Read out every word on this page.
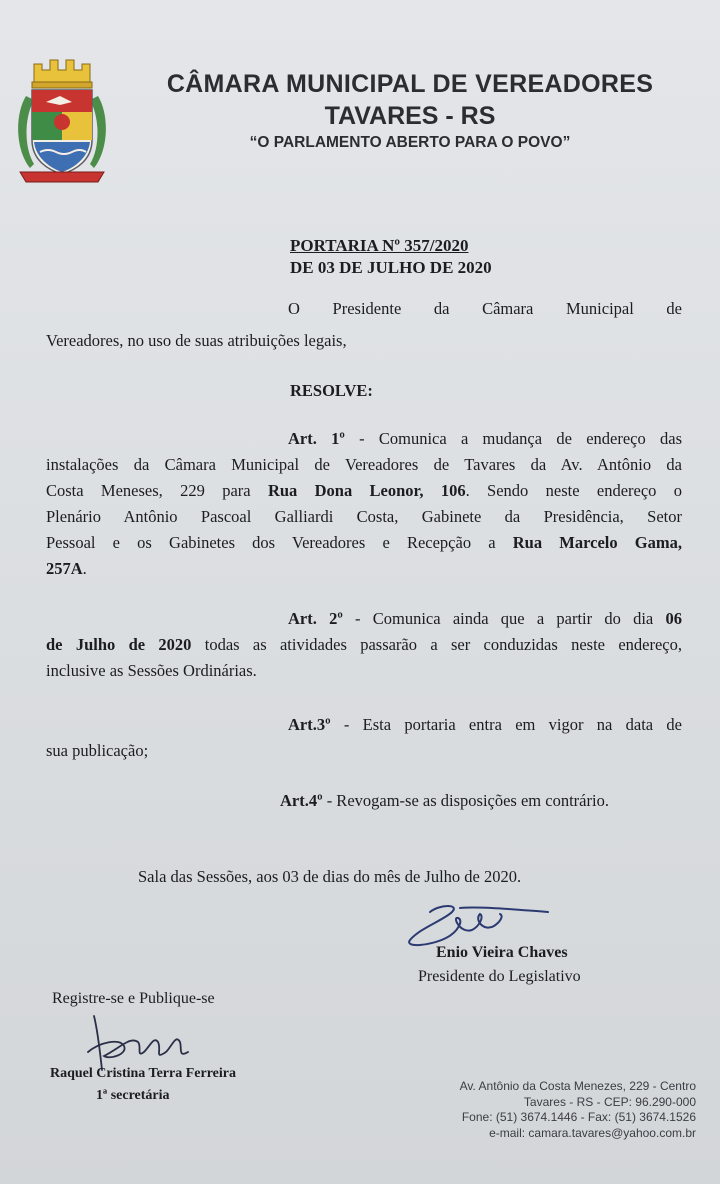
CÂMARA MUNICIPAL DE VEREADORES
TAVARES - RS
“O PARLAMENTO ABERTO PARA O POVO”
PORTARIA Nº 357/2020
DE 03 DE JULHO DE 2020
O Presidente da Câmara Municipal de
Vereadores, no uso de suas atribuições legais,
RESOLVE:
Art. 1º - Comunica a mudança de endereço das
instalações da Câmara Municipal de Vereadores de Tavares da Av. Antônio da
Costa Meneses, 229 para Rua Dona Leonor, 106. Sendo neste endereço o
Plenário Antônio Pascoal Galliardi Costa, Gabinete da Presidência, Setor
Pessoal e os Gabinetes dos Vereadores e Recepção a Rua Marcelo Gama,
257A.
Art. 2º - Comunica ainda que a partir do dia 06
de Julho de 2020 todas as atividades passarão a ser conduzidas neste endereço,
inclusive as Sessões Ordinárias.
Art.3º - Esta portaria entra em vigor na data de
sua publicação;
Art.4º - Revogam-se as disposições em contrário.
Sala das Sessões, aos 03 de dias do mês de Julho de 2020.
Enio Vieira Chaves
Presidente do Legislativo
Registre-se e Publique-se
Raquel Cristina Terra Ferreira
1ª secretária
Av. Antônio da Costa Menezes, 229 - Centro
Tavares - RS - CEP: 96.290-000
Fone: (51) 3674.1446 - Fax: (51) 3674.1526
e-mail: camara.tavares@yahoo.com.br
